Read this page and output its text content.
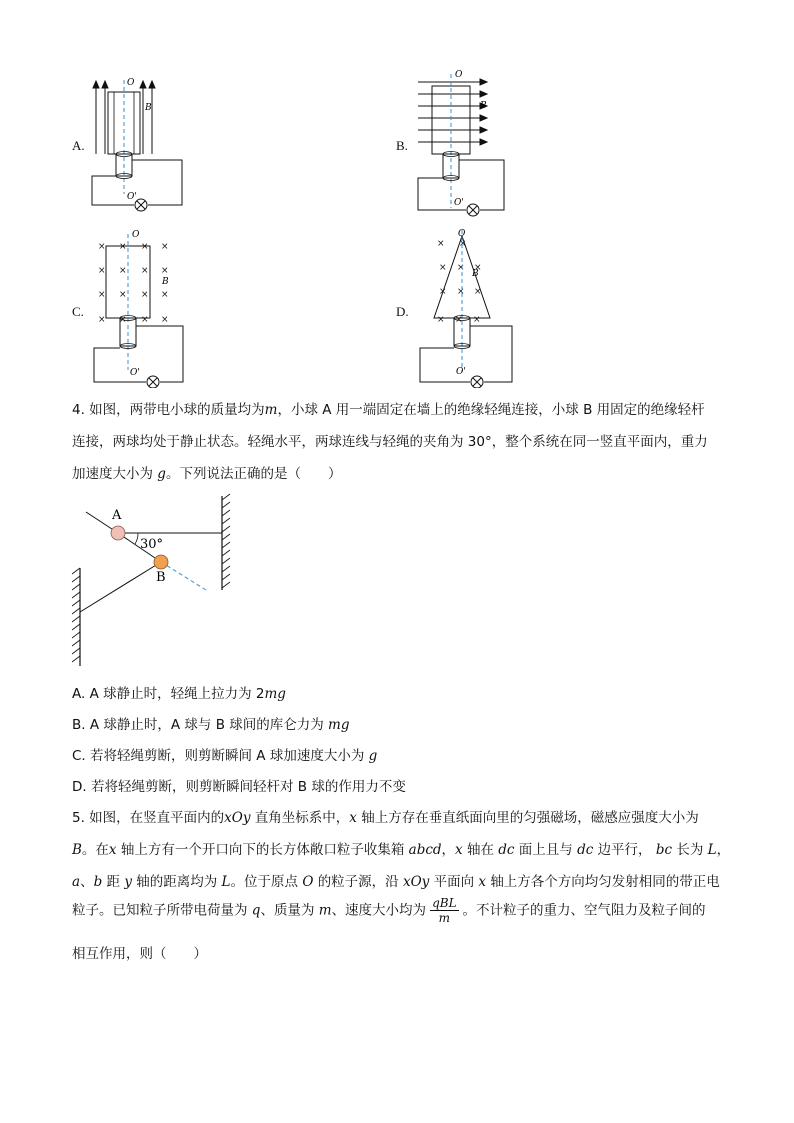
A.
O
B
O'
B.
O
B
O'
C.
× × × ×
× × × ×
× × × ×
× × × ×
O
B
O'
D.
× ×
× × ×
× × ×
× × ×
O
B
O'
4. 如图，两带电小球的质量均为m，小球 A 用一端固定在墙上的绝缘轻绳连接，小球 B 用固定的绝缘轻杆
连接，两球均处于静止状态。轻绳水平，两球连线与轻绳的夹角为 30°，整个系统在同一竖直平面内，重力
加速度大小为 g。下列说法正确的是（　　）
A
B
30°
A. A 球静止时，轻绳上拉力为 2mg
B. A 球静止时，A 球与 B 球间的库仑力为 mg
C. 若将轻绳剪断，则剪断瞬间 A 球加速度大小为 g
D. 若将轻绳剪断，则剪断瞬间轻杆对 B 球的作用力不变
5. 如图，在竖直平面内的xOy 直角坐标系中，x 轴上方存在垂直纸面向里的匀强磁场，磁感应强度大小为
B。在x 轴上方有一个开口向下的长方体敞口粒子收集箱 abcd，x 轴在 dc 面上且与 dc 边平行， bc 长为 L，
a、b 距 y 轴的距离均为 L。位于原点 O 的粒子源，沿 xOy 平面向 x 轴上方各个方向均匀发射相同的带正电
粒子。已知粒子所带电荷量为 q、质量为 m、速度大小均为 $\frac{\text{qBL}}{m}$ 。不计粒子的重力、空气阻力及粒子间的
相互作用，则（　　）
